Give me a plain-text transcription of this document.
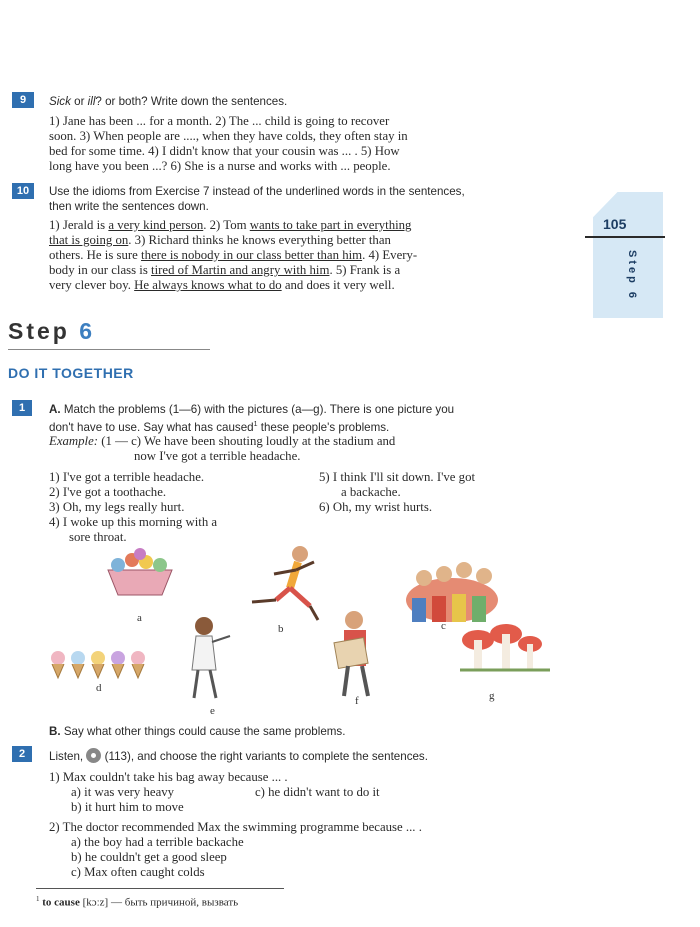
9	Sick or ill? or both? Write down the sentences.
1) Jane has been ... for a month. 2) The ... child is going to recover
soon. 3) When people are ...., when they have colds, they often stay in
bed for some time. 4) I didn't know that your cousin was ... . 5) How
long have you been ...? 6) She is a nurse and works with ... people.
10	Use the idioms from Exercise 7 instead of the underlined words in the sentences,
then write the sentences down.
1) Jerald is a very kind person. 2) Tom wants to take part in everything
that is going on. 3) Richard thinks he knows everything better than
others. He is sure there is nobody in our class better than him. 4) Every-
body in our class is tired of Martin and angry with him. 5) Frank is a
very clever boy. He always knows what to do and does it very well.
105
Step 6
Step 6
DO IT TOGETHER
1	A. Match the problems (1—6) with the pictures (a—g). There is one picture you
don't have to use. Say what has caused$^1$ these people's problems.
Example: (1 — c) We have been shouting loudly at the stadium and
now I've got a terrible headache.
1) I've got a terrible headache.
2) I've got a toothache.
3) Oh, my legs really hurt.
4) I woke up this morning with a
sore throat.
5) I think I'll sit down. I've got
a backache.
6) Oh, my wrist hurts.
a
b	c
d
e
f	g
B. Say what other things could cause the same problems.
2	Listen, (113), and choose the right variants to complete the sentences.
1) Max couldn't take his bag away because ... .
a) it was very heavy	c) he didn't want to do it
b) it hurt him to move
2) The doctor recommended Max the swimming programme because ... .
a) the boy had a terrible backache
b) he couldn't get a good sleep
c) Max often caught colds
$^1$ to cause [kɔːz] — быть причиной, вызвать
